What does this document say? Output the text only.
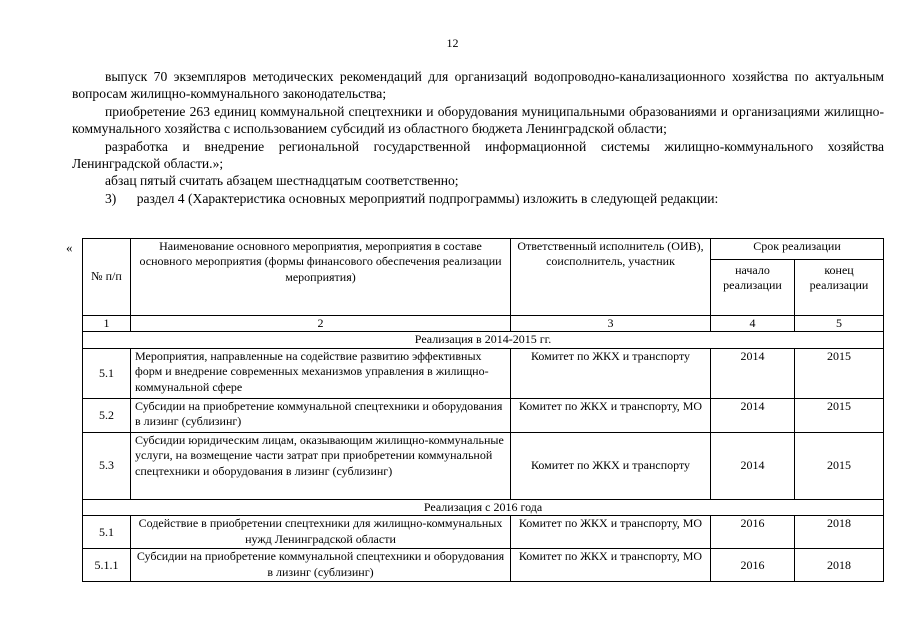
12

выпуск 70 экземпляров методических рекомендаций для организаций водопроводно-канализационного хозяйства по актуальным вопросам жилищно-коммунального законодательства;

приобретение 263 единиц коммунальной спецтехники и оборудования муниципальными образованиями и организациями жилищно-коммунального хозяйства с использованием субсидий из областного бюджета Ленинградской области;

разработка и внедрение региональной государственной информационной системы жилищно-коммунального хозяйства Ленинградской области.»;

абзац пятый считать абзацем шестнадцатым соответственно;

3)      раздел 4 (Характеристика основных мероприятий подпрограммы) изложить в следующей редакции:

«
№ п/п	Наименование основного мероприятия, мероприятия в составе основного мероприятия (формы финансового обеспечения реализации мероприятия)	Ответственный исполнитель (ОИВ), соисполнитель, участник	Срок реализации	
			начало реализации	конец реализации
1	2	3	4	5
Реализация в 2014-2015 гг.				
5.1	Мероприятия, направленные на содействие развитию эффективных форм и внедрение современных механизмов управления в жилищно-коммунальной сфере	Комитет по ЖКХ и транспорту	2014	2015
5.2	Субсидии на приобретение коммунальной спецтехники и оборудования в лизинг (сублизинг)	Комитет по ЖКХ и транспорту, МО	2014	2015
5.3	Субсидии юридическим лицам, оказывающим жилищно-коммунальные услуги, на возмещение части затрат при приобретении коммунальной спецтехники и оборудования в лизинг (сублизинг)	Комитет по ЖКХ и транспорту	2014	2015
Реализация с 2016 года				
5.1	Содействие в приобретении спецтехники для жилищно-коммунальных нужд Ленинградской области	Комитет по ЖКХ и транспорту, МО	2016	2018
5.1.1	Субсидии на приобретение коммунальной спецтехники и оборудования в лизинг (сублизинг)	Комитет по ЖКХ и транспорту, МО	2016	2018
